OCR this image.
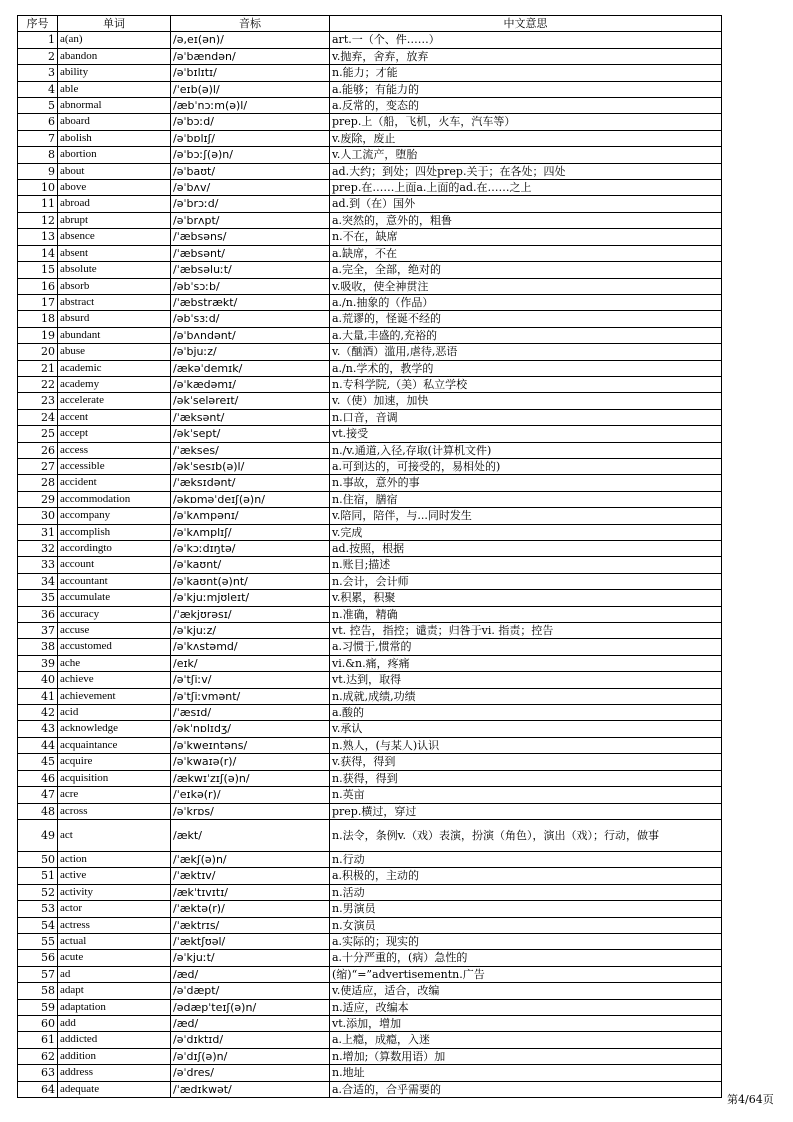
序号	单词	音标	中文意思
1	a(an)	/ə,eɪ(ən)/	art.一（个、件……）
2	abandon	/əˈbændən/	v.抛弃，舍弃，放弃
3	ability	/əˈbɪlɪtɪ/	n.能力；才能
4	able	/ˈeɪb(ə)l/	a.能够；有能力的
5	abnormal	/æbˈnɔːm(ə)l/	a.反常的，变态的
6	aboard	/əˈbɔːd/	prep.上（船，飞机，火车，汽车等）
7	abolish	/əˈbɒlɪʃ/	v.废除，废止
8	abortion	/əˈbɔːʃ(ə)n/	v.人工流产，堕胎
9	about	/əˈbaʊt/	ad.大约；到处；四处prep.关于；在各处；四处
10	above	/əˈbʌv/	prep.在……上面a.上面的ad.在……之上
11	abroad	/əˈbrɔːd/	ad.到（在）国外
12	abrupt	/əˈbrʌpt/	a.突然的，意外的，粗鲁
13	absence	/ˈæbsəns/	n.不在，缺席
14	absent	/ˈæbsənt/	a.缺席，不在
15	absolute	/ˈæbsəluːt/	a.完全，全部，绝对的
16	absorb	/əbˈsɔːb/	v.吸收，使全神贯注
17	abstract	/ˈæbstrækt/	a./n.抽象的（作品）
18	absurd	/əbˈsɜːd/	a.荒谬的，怪诞不经的
19	abundant	/əˈbʌndənt/	a.大量,丰盛的,充裕的
20	abuse	/əˈbjuːz/	v.（酗酒）滥用,虐待,恶语
21	academic	/ækəˈdemɪk/	a./n.学术的，教学的
22	academy	/əˈkædəmɪ/	n.专科学院,（美）私立学校
23	accelerate	/əkˈseləreɪt/	v.（使）加速，加快
24	accent	/ˈæksənt/	n.口音，音调
25	accept	/əkˈsept/	vt.接受
26	access	/ˈækses/	n./v.通道,入径,存取(计算机文件)
27	accessible	/əkˈsesɪb(ə)l/	a.可到达的，可接受的，易相处的)
28	accident	/ˈæksɪdənt/	n.事故，意外的事
29	accommodation	/əkɒməˈdeɪʃ(ə)n/	n.住宿，膳宿
30	accompany	/əˈkʌmpənɪ/	v.陪同，陪伴，与...同时发生
31	accomplish	/əˈkʌmplɪʃ/	v.完成
32	accordingto	/əˈkɔːdɪŋtə/	ad.按照，根据
33	account	/əˈkaʊnt/	n.账目;描述
34	accountant	/əˈkaʊnt(ə)nt/	n.会计，会计师
35	accumulate	/əˈkjuːmjʊleɪt/	v.积累，积聚
36	accuracy	/ˈækjʊrəsɪ/	n.准确，精确
37	accuse	/əˈkjuːz/	vt. 控告，指控；谴责；归咎于vi. 指责；控告
38	accustomed	/əˈkʌstəmd/	a.习惯于,惯常的
39	ache	/eɪk/	vi.&n.痛，疼痛
40	achieve	/əˈtʃiːv/	vt.达到，取得
41	achievement	/əˈtʃiːvmənt/	n.成就,成绩,功绩
42	acid	/ˈæsɪd/	a.酸的
43	acknowledge	/əkˈnɒlɪdʒ/	v.承认
44	acquaintance	/əˈkweɪntəns/	n.熟人，(与某人)认识
45	acquire	/əˈkwaɪə(r)/	v.获得，得到
46	acquisition	/ækwɪˈzɪʃ(ə)n/	n.获得，得到
47	acre	/ˈeɪkə(r)/	n.英亩
48	across	/əˈkrɒs/	prep.横过，穿过
49	act	/ækt/	n.法令，条例v.（戏）表演，扮演（角色），演出（戏）；行动，做事
50	action	/ˈækʃ(ə)n/	n.行动
51	active	/ˈæktɪv/	a.积极的，主动的
52	activity	/ækˈtɪvɪtɪ/	n.活动
53	actor	/ˈæktə(r)/	n.男演员
54	actress	/ˈæktrɪs/	n.女演员
55	actual	/ˈæktʃʊəl/	a.实际的；现实的
56	acute	/əˈkjuːt/	a.十分严重的，(病）急性的
57	ad	/æd/	(缩)“=”advertisementn.广告
58	adapt	/əˈdæpt/	v.使适应，适合，改编
59	adaptation	/ədæpˈteɪʃ(ə)n/	n.适应，改编本
60	add	/æd/	vt.添加，增加
61	addicted	/əˈdɪktɪd/	a.上瘾，成瘾，入迷
62	addition	/əˈdɪʃ(ə)n/	n.增加;（算数用语）加
63	address	/əˈdres/	n.地址
64	adequate	/ˈædɪkwət/	a.合适的，合乎需要的
第4/64页
